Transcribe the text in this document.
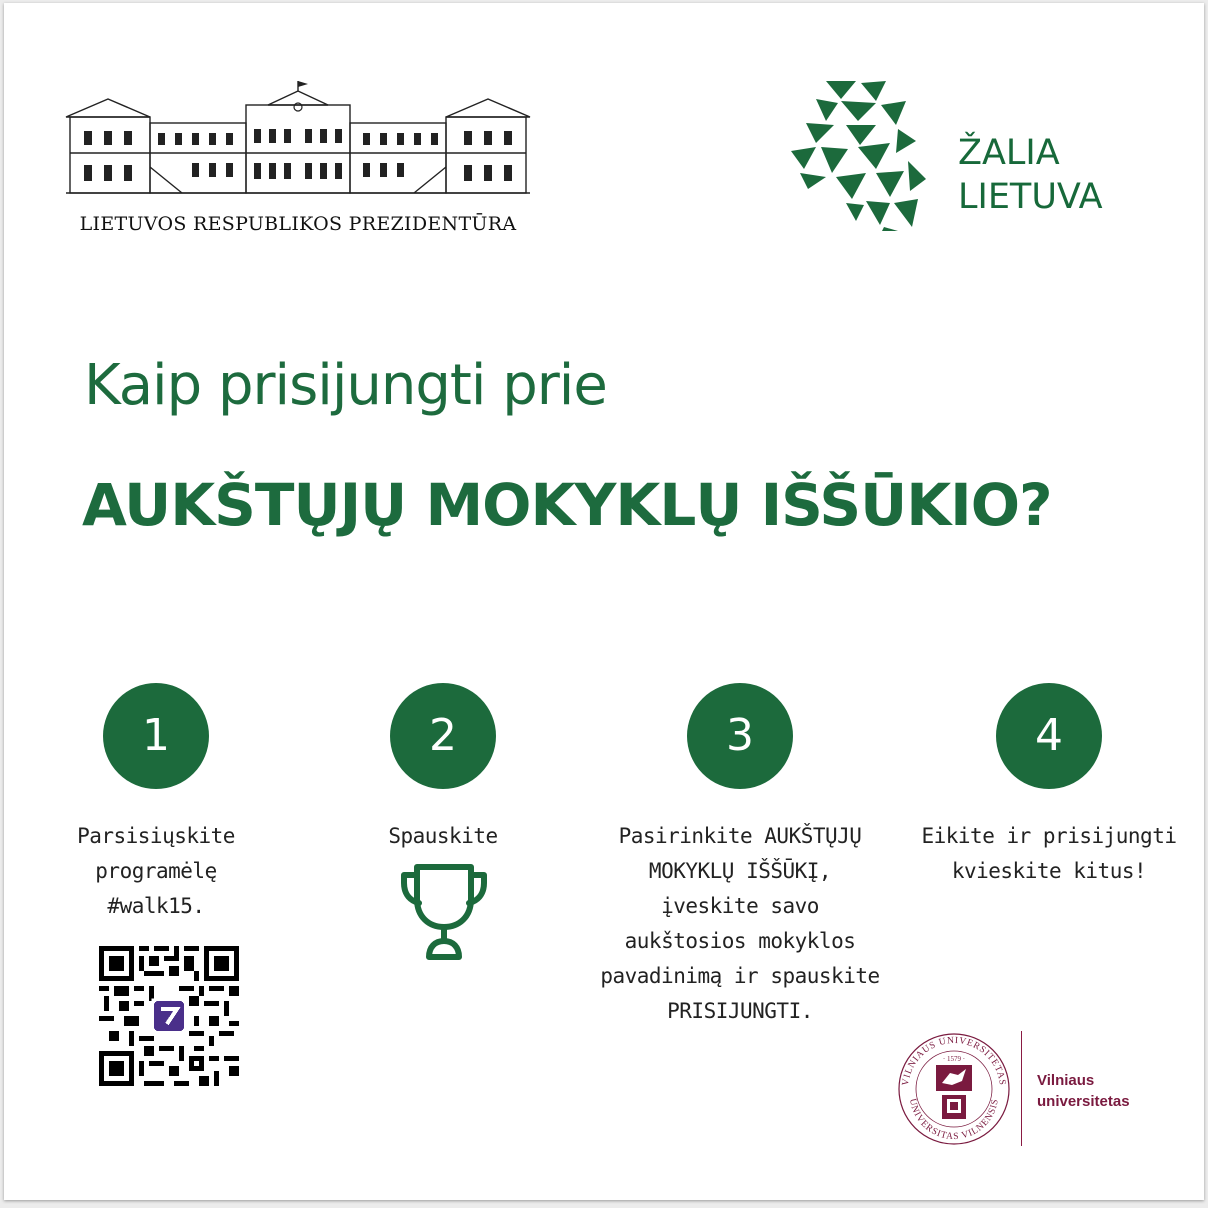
LIETUVOS RESPUBLIKOS PREZIDENTŪRA
ŽALIA
LIETUVA
Kaip prisijungti prie
AUKŠTŲJŲ MOKYKLŲ IŠŠŪKIO?
1
Parsisiųskite
programėlę
#walk15.
2
Spauskite
3
Pasirinkite AUKŠTŲJŲ
MOKYKLŲ IŠŠŪKĮ,
įveskite savo
aukštosios mokyklos
pavadinimą ir spauskite
PRISIJUNGTI.
4
Eikite ir prisijungti
kvieskite kitus!
VILNIAUS UNIVERSITETAS
UNIVERSITAS VILNENSIS
· 1579 ·
Vilniaus
universitetas
